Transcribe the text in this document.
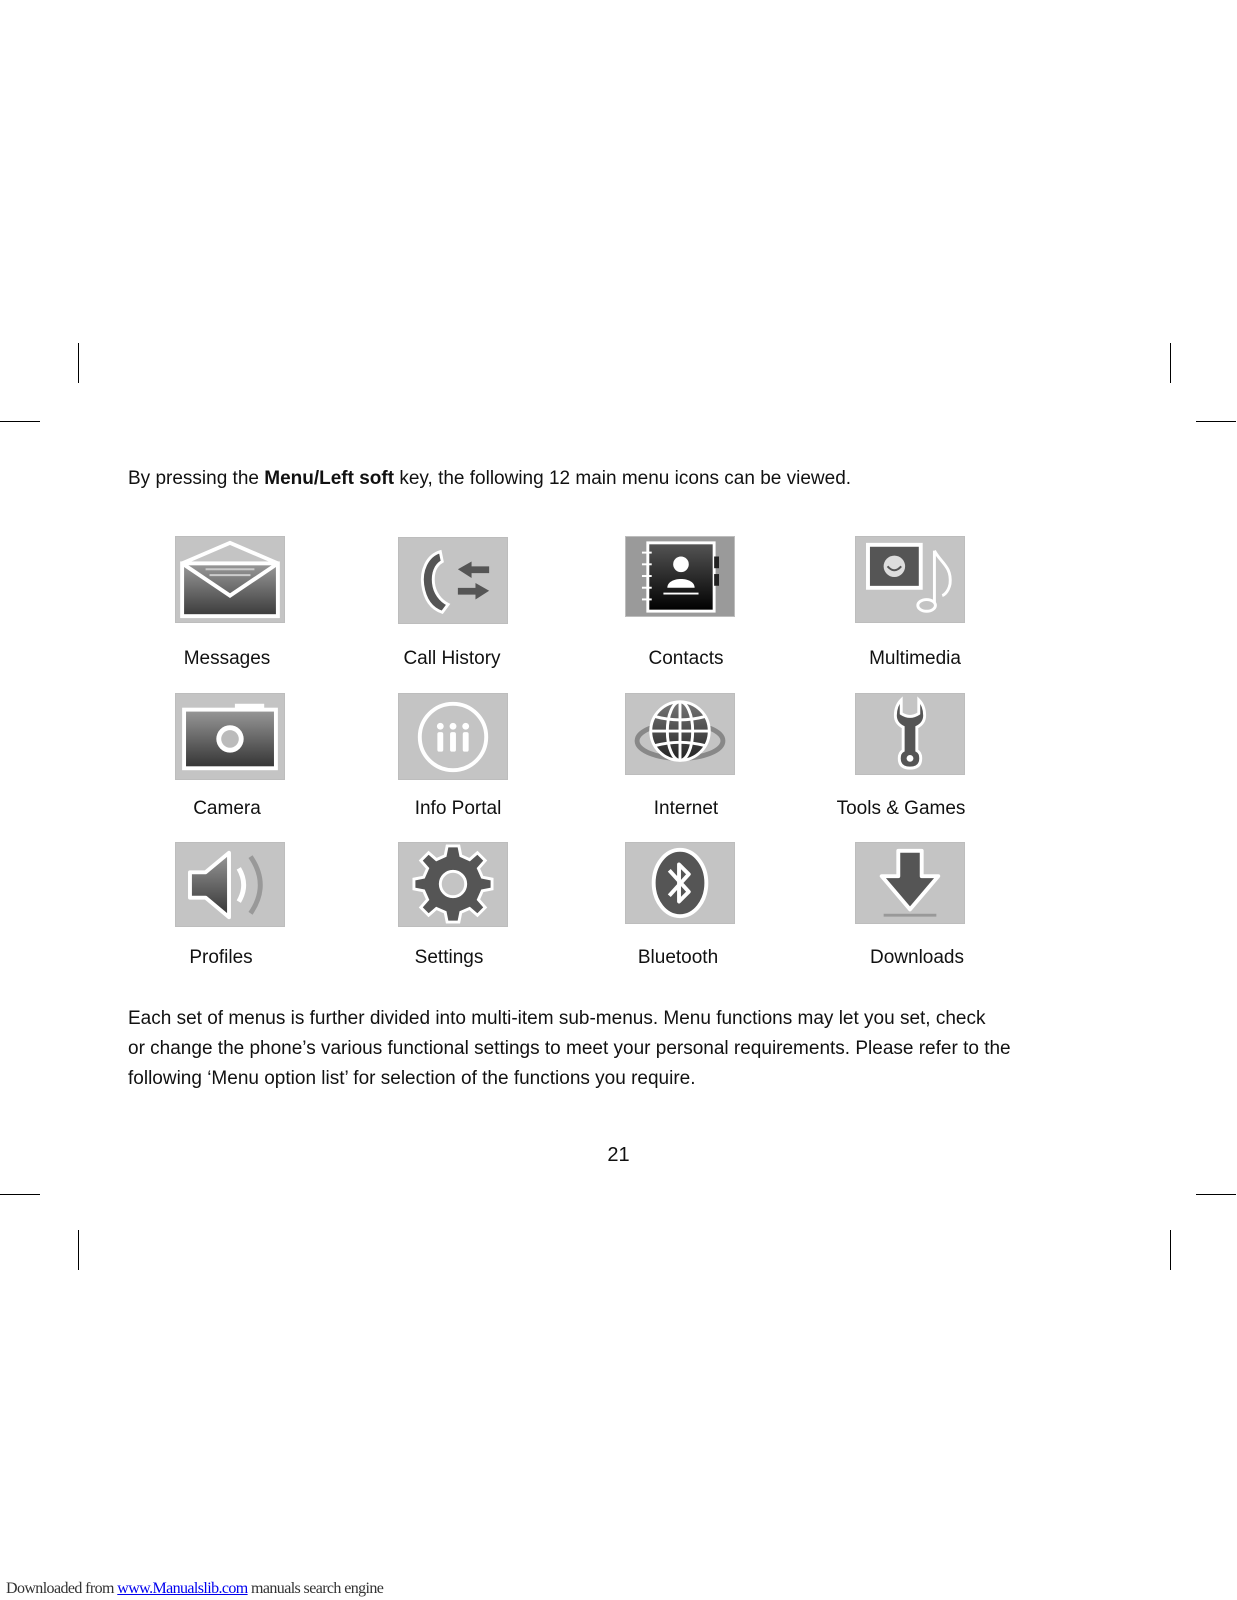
By pressing the Menu/Left soft key, the following 12 main menu icons can be viewed.
Messages	Call History	Contacts	Multimedia
Camera	Info Portal	Internet	Tools & Games
Profiles	Settings	Bluetooth	Downloads

Each set of menus is further divided into multi-item sub-menus. Menu functions may let you set, check

or change the phone’s various functional settings to meet your personal requirements. Please refer to the

following ‘Menu option list’ for selection of the functions you require.

21
Downloaded from www.Manualslib.com manuals search engine
